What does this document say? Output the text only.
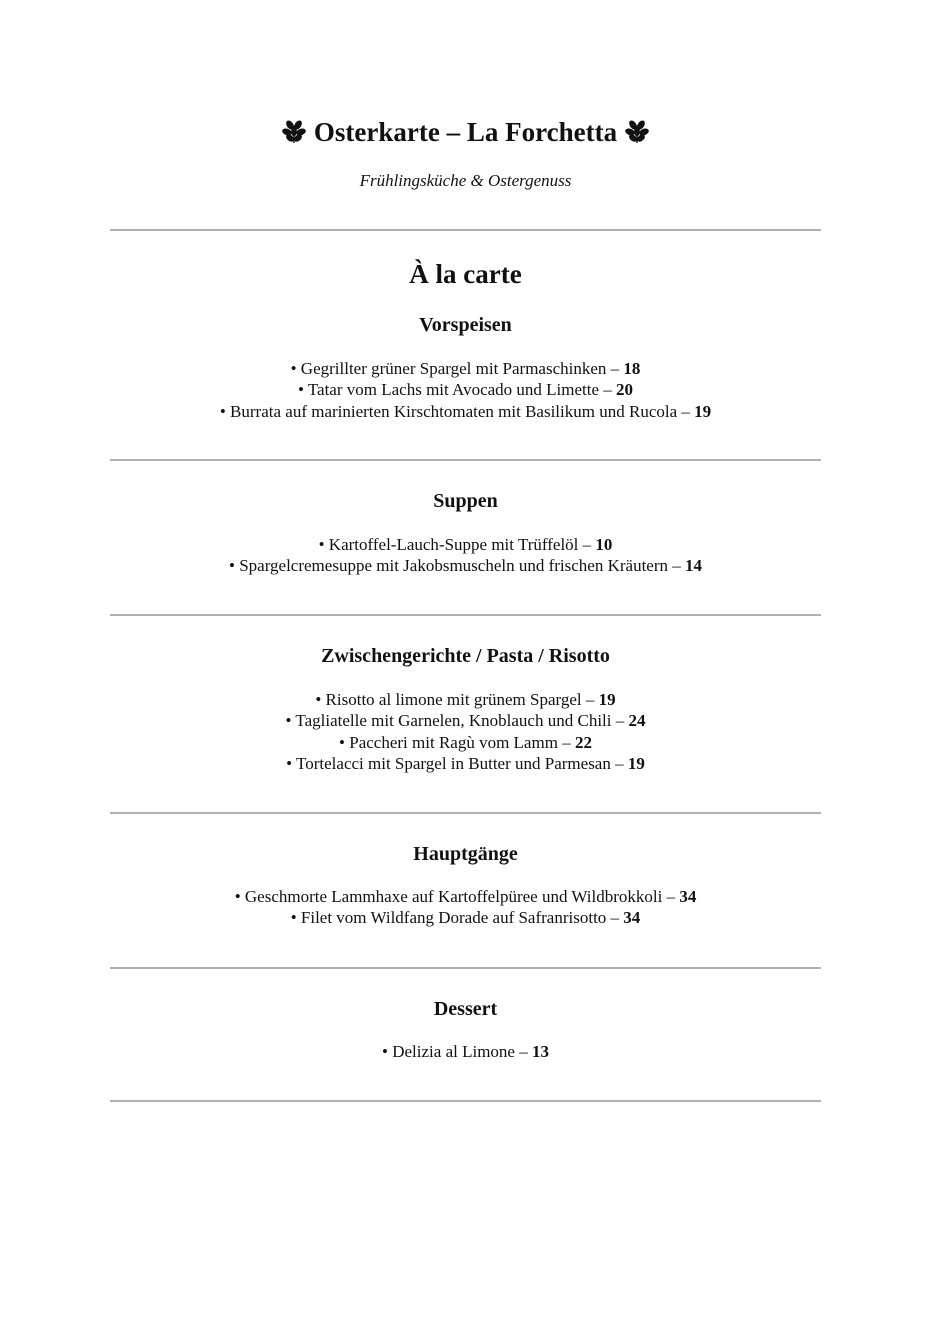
Osterkarte – La Forchetta
Frühlingsküche & Ostergenuss
À la carte
Vorspeisen
• Gegrillter grüner Spargel mit Parmaschinken – 18
• Tatar vom Lachs mit Avocado und Limette – 20
• Burrata auf marinierten Kirschtomaten mit Basilikum und Rucola – 19
Suppen
• Kartoffel-Lauch-Suppe mit Trüffelöl – 10
• Spargelcremesuppe mit Jakobsmuscheln und frischen Kräutern – 14
Zwischengerichte / Pasta / Risotto
• Risotto al limone mit grünem Spargel – 19
• Tagliatelle mit Garnelen, Knoblauch und Chili – 24
• Paccheri mit Ragù vom Lamm – 22
• Tortelacci mit Spargel in Butter und Parmesan – 19
Hauptgänge
• Geschmorte Lammhaxe auf Kartoffelpüree und Wildbrokkoli – 34
• Filet vom Wildfang Dorade auf Safranrisotto – 34
Dessert
• Delizia al Limone – 13
